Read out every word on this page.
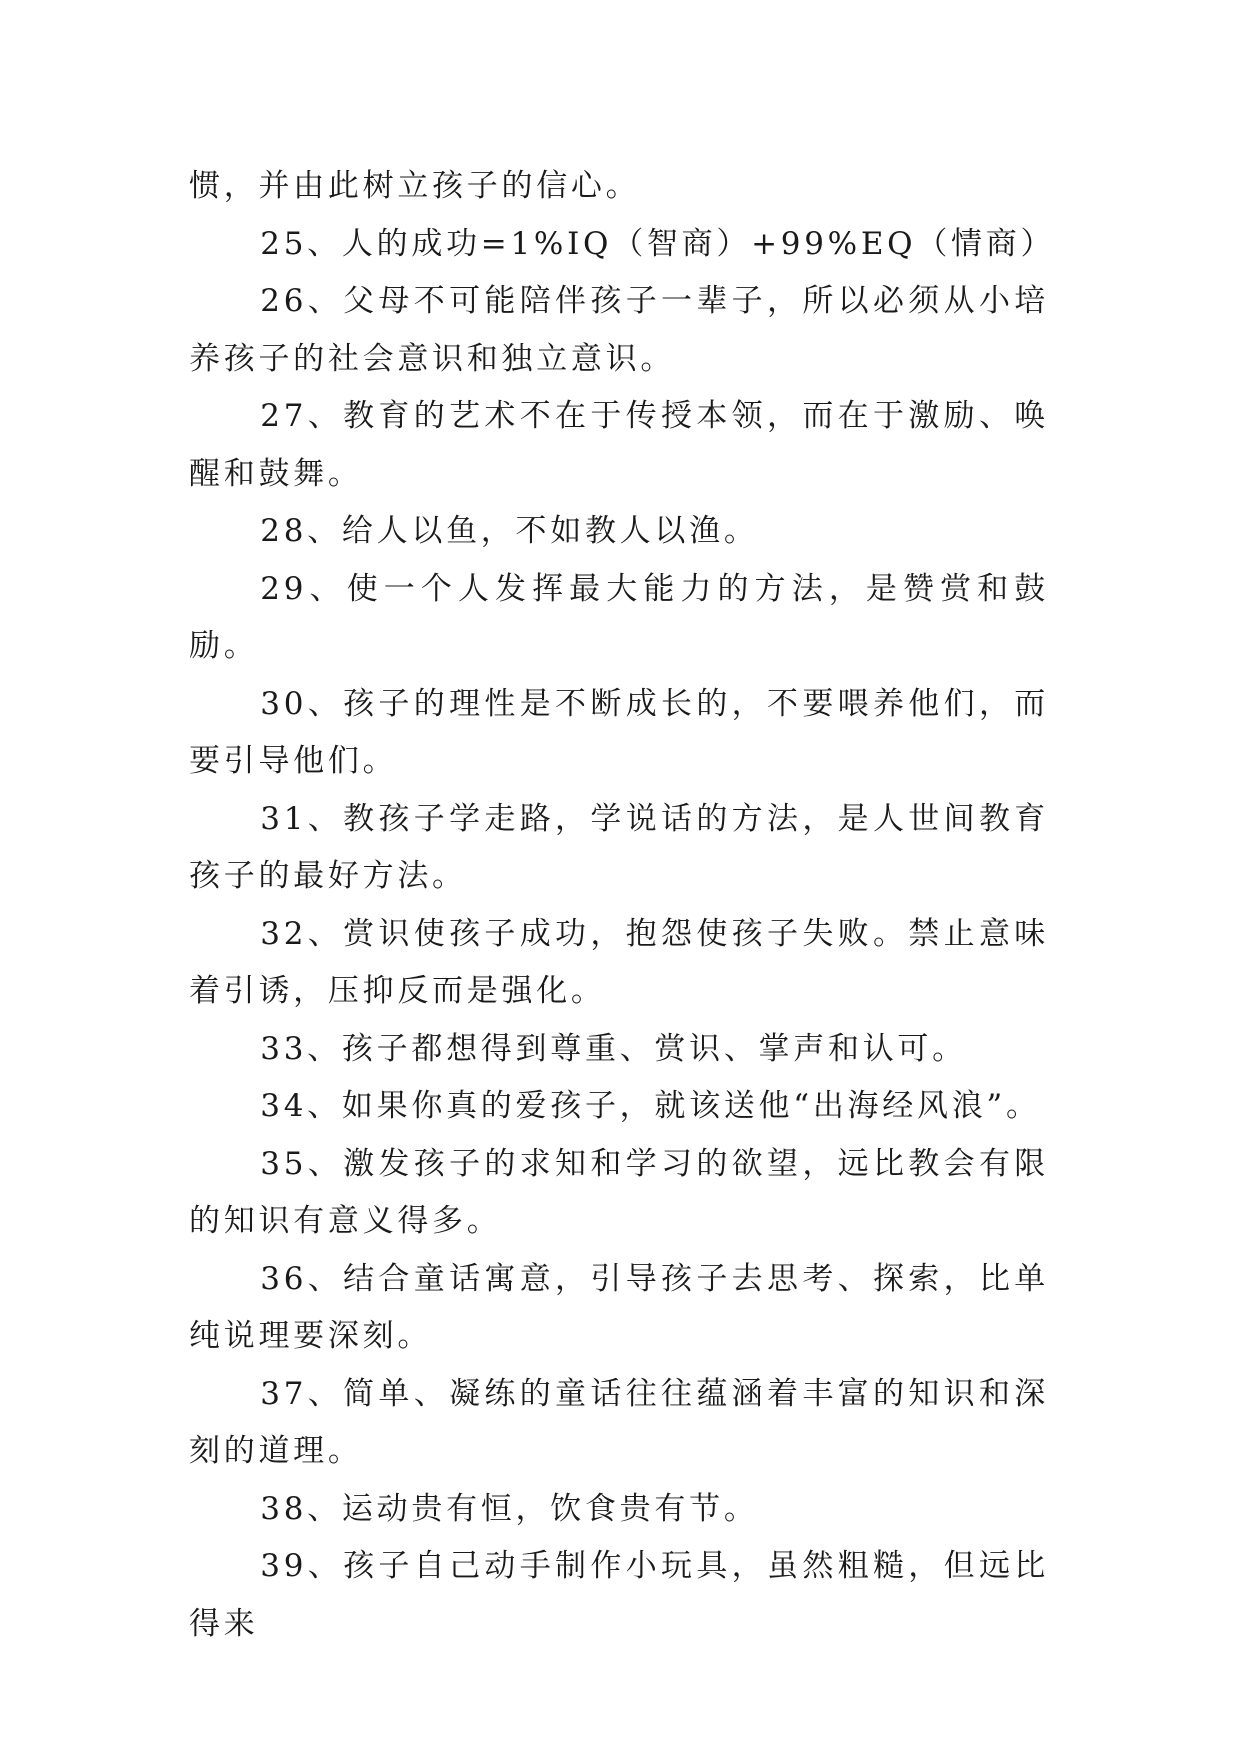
惯，并由此树立孩子的信心。

25、人的成功=1%IQ（智商）+99%EQ（情商）

26、父母不可能陪伴孩子一辈子，所以必须从小培养孩子的社会意识和独立意识。

27、教育的艺术不在于传授本领，而在于激励、唤醒和鼓舞。

28、给人以鱼，不如教人以渔。

29、使一个人发挥最大能力的方法，是赞赏和鼓励。

30、孩子的理性是不断成长的，不要喂养他们，而要引导他们。

31、教孩子学走路，学说话的方法，是人世间教育孩子的最好方法。

32、赏识使孩子成功，抱怨使孩子失败。禁止意味着引诱，压抑反而是强化。

33、孩子都想得到尊重、赏识、掌声和认可。

34、如果你真的爱孩子，就该送他“出海经风浪”。

35、激发孩子的求知和学习的欲望，远比教会有限的知识有意义得多。

36、结合童话寓意，引导孩子去思考、探索，比单纯说理要深刻。

37、简单、凝练的童话往往蕴涵着丰富的知识和深刻的道理。

38、运动贵有恒，饮食贵有节。

39、孩子自己动手制作小玩具，虽然粗糙，但远比得来
